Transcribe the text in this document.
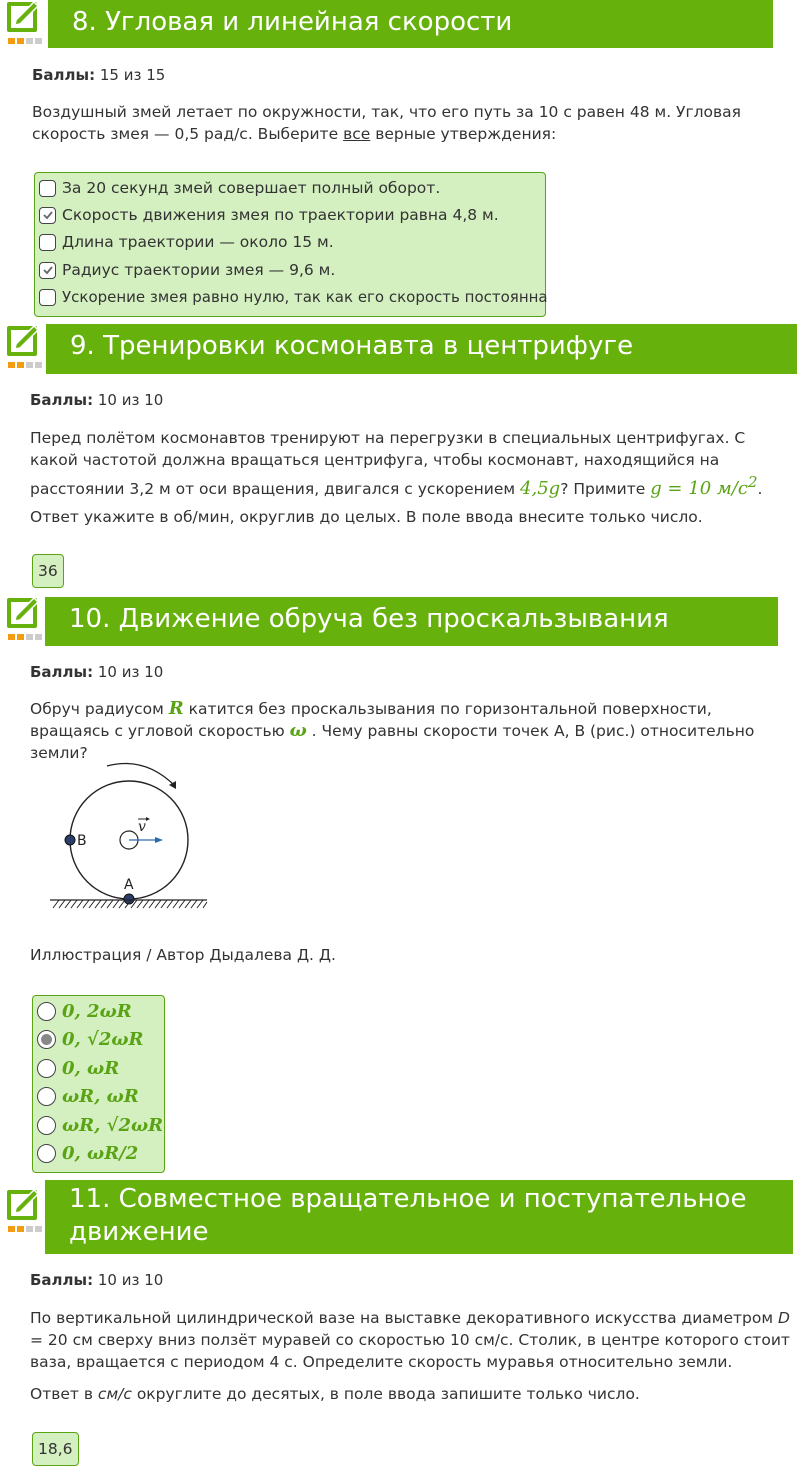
8. Угловая и линейная скорости
Баллы: 15 из 15
Воздушный змей летает по окружности, так, что его путь за 10 с равен 48 м. Угловая скорость змея — 0,5 рад/с. Выберите все верные утверждения:
За 20 секунд змей совершает полный оборот.
Скорость движения змея по траектории равна 4,8 м.
Длина траектории — около 15 м.
Радиус траектории змея — 9,6 м.
Ускорение змея равно нулю, так как его скорость постоянна
9. Тренировки космонавта в центрифуге
Баллы: 10 из 10
Перед полётом космонавтов тренируют на перегрузки в специальных центрифугах. С какой частотой должна вращаться центрифуга, чтобы космонавт, находящийся на расстоянии 3,2 м от оси вращения, двигался с ускорением 4,5g? Примите g = 10 $м/с^2$.
Ответ укажите в об/мин, округлив до целых. В поле ввода внесите только число.
36
10. Движение обруча без проскальзывания
Баллы: 10 из 10
Обруч радиусом R катится без проскальзывания по горизонтальной поверхности, вращаясь с угловой скоростью ω . Чему равны скорости точек А, В (рис.) относительно земли?
v
B
A
Иллюстрация / Автор Дыдалева Д. Д.
0, 2ωR
0, √2ωR
0, ωR
ωR, ωR
ωR, √2ωR
0, ωR/2
11. Совместное вращательное и поступательное
движение
Баллы: 10 из 10
По вертикальной цилиндрической вазе на выставке декоративного искусства диаметром D = 20 см сверху вниз ползёт муравей со скоростью 10 см/с. Столик, в центре которого стоит ваза, вращается с периодом 4 с. Определите скорость муравья относительно земли.
Ответ в см/с округлите до десятых, в поле ввода запишите только число.
18,6
